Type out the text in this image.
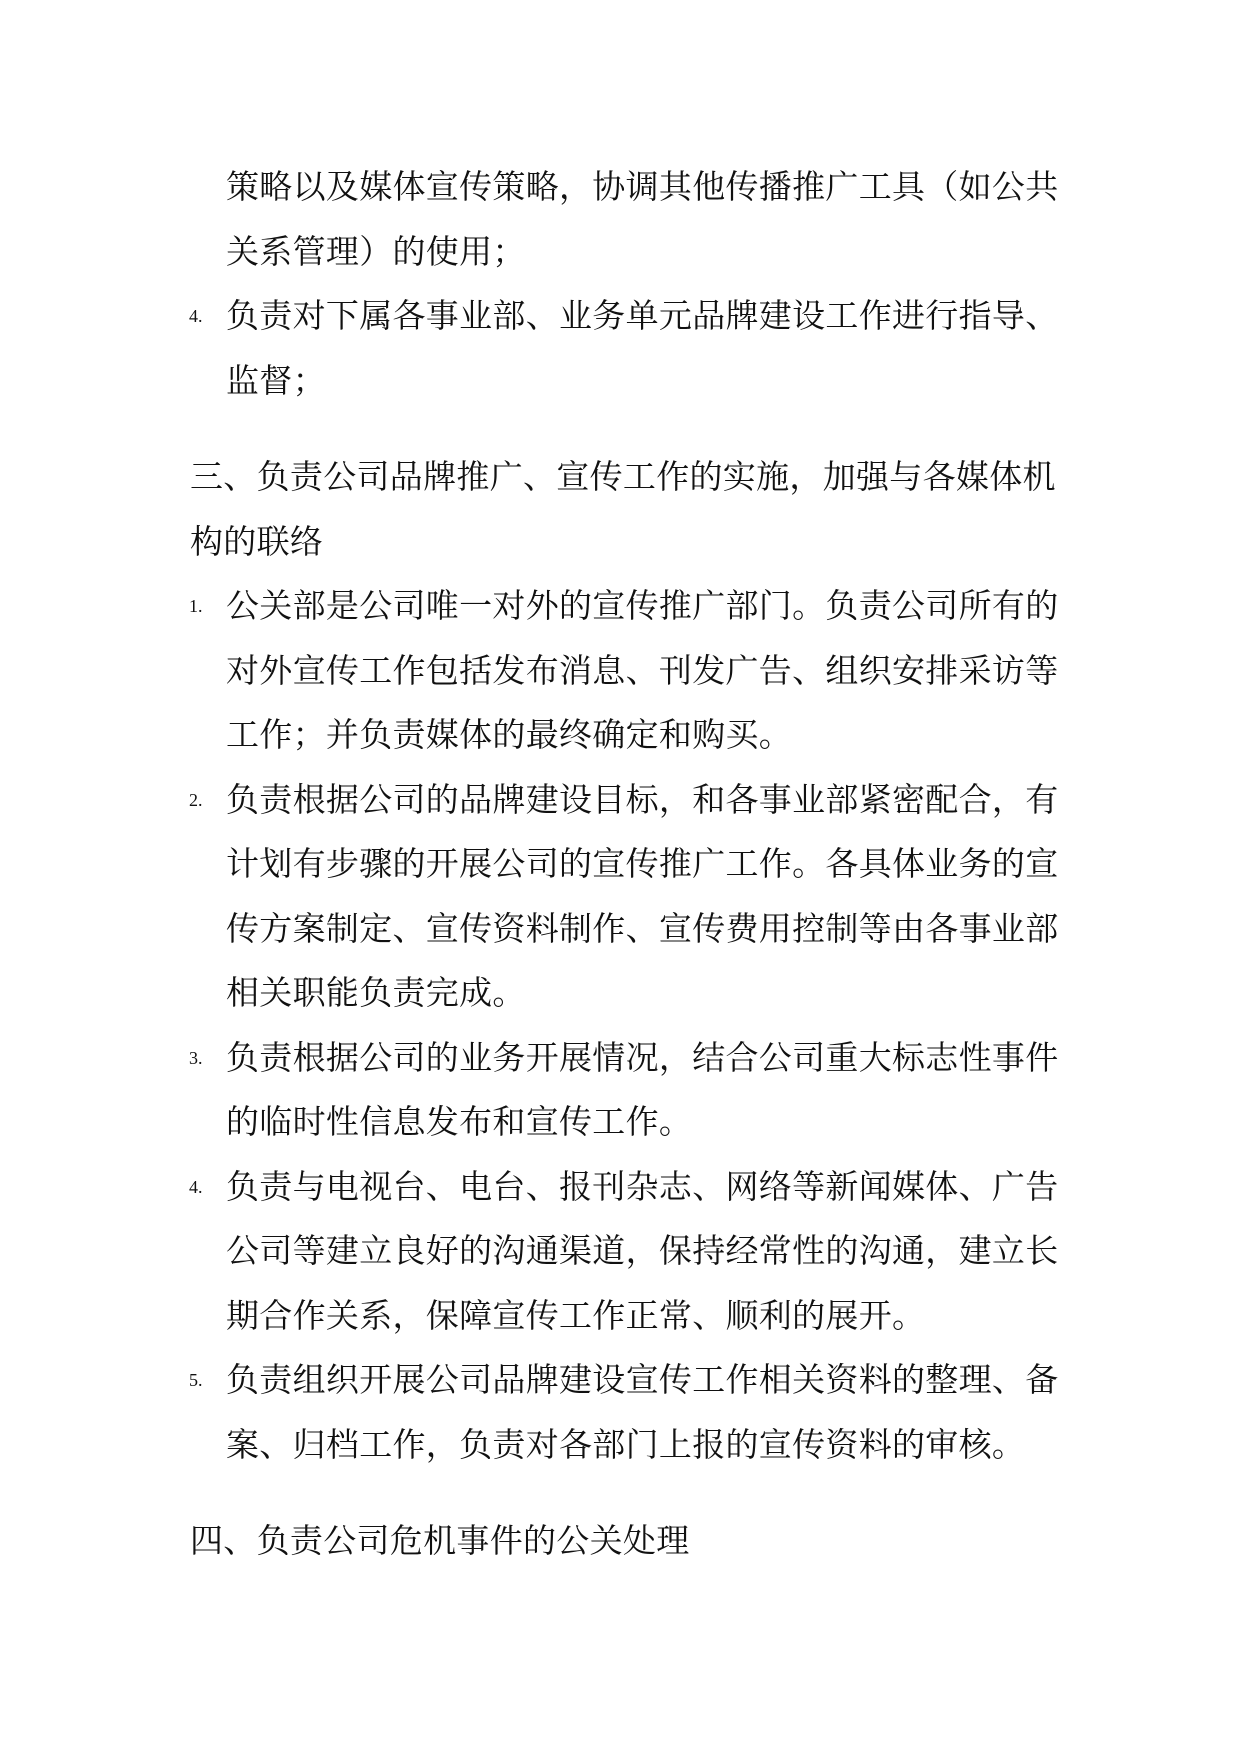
策略以及媒体宣传策略，协调其他传播推广工具（如公共

关系管理）的使用；

4. 负责对下属各事业部、业务单元品牌建设工作进行指导、

监督；

三、负责公司品牌推广、宣传工作的实施，加强与各媒体机

构的联络

1. 公关部是公司唯一对外的宣传推广部门。负责公司所有的

对外宣传工作包括发布消息、刊发广告、组织安排采访等

工作；并负责媒体的最终确定和购买。

2. 负责根据公司的品牌建设目标，和各事业部紧密配合，有

计划有步骤的开展公司的宣传推广工作。各具体业务的宣

传方案制定、宣传资料制作、宣传费用控制等由各事业部

相关职能负责完成。

3. 负责根据公司的业务开展情况，结合公司重大标志性事件

的临时性信息发布和宣传工作。

4. 负责与电视台、电台、报刊杂志、网络等新闻媒体、广告

公司等建立良好的沟通渠道，保持经常性的沟通，建立长

期合作关系，保障宣传工作正常、顺利的展开。

5. 负责组织开展公司品牌建设宣传工作相关资料的整理、备

案、归档工作，负责对各部门上报的宣传资料的审核。

四、负责公司危机事件的公关处理
